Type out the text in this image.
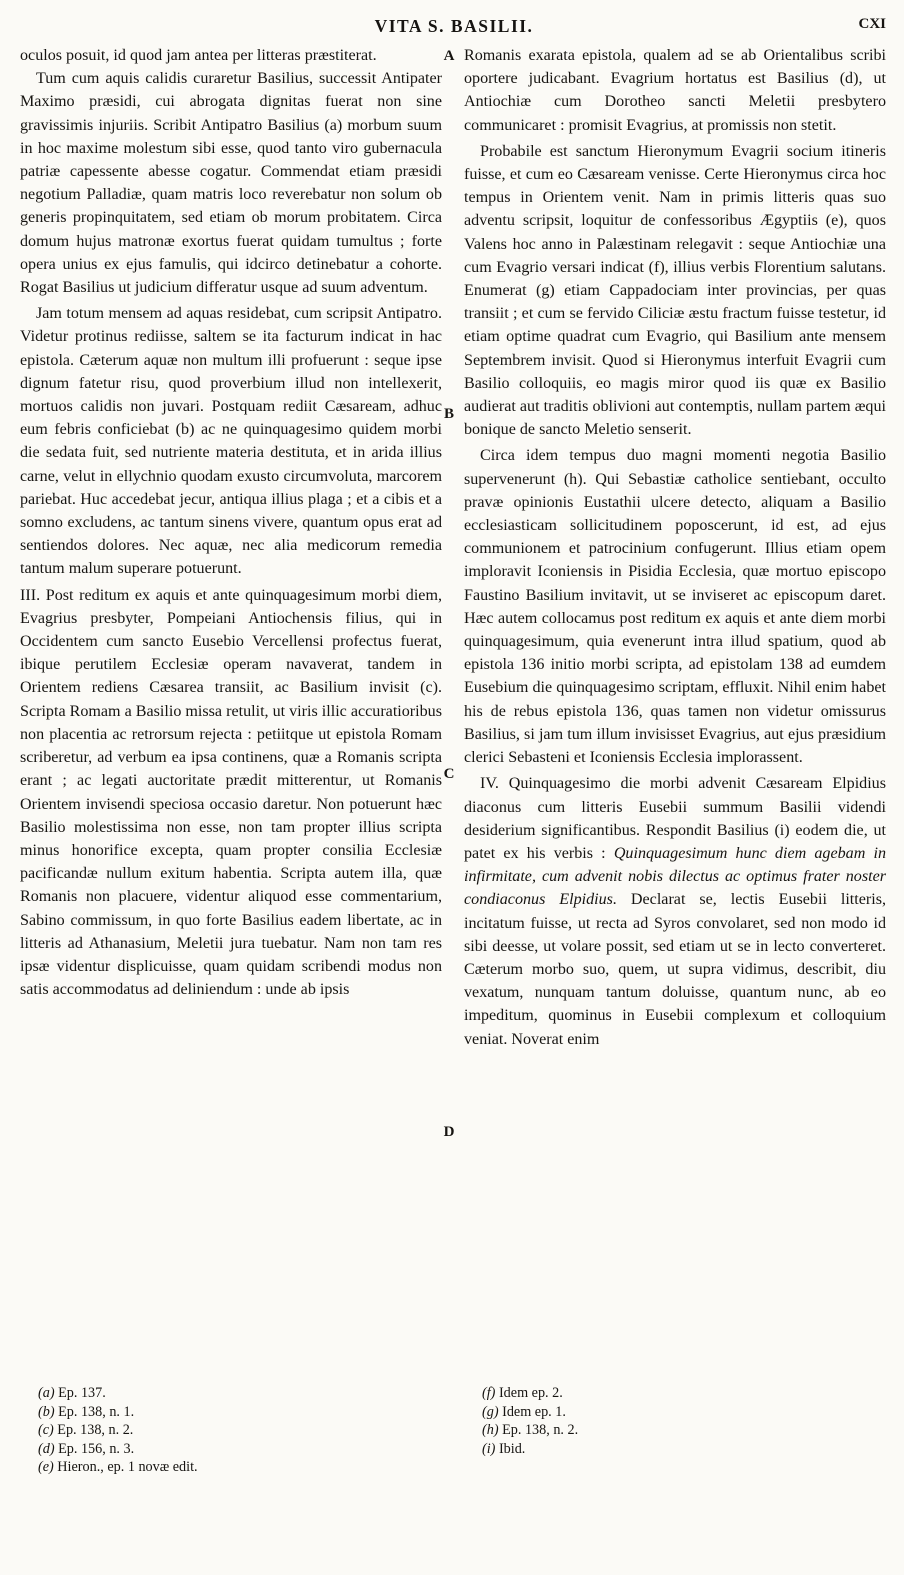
VITA S. BASILII.	CXI

oculos posuit, id quod jam antea per litteras præstiterat.

Tum cum aquis calidis curaretur Basilius, successit Antipater Maximo præsidi, cui abrogata dignitas fuerat non sine gravissimis injuriis. Scribit Antipatro Basilius (a) morbum suum in hoc maxime molestum sibi esse, quod tanto viro gubernacula patriæ capessente abesse cogatur. Commendat etiam præsidi negotium Palladiæ, quam matris loco reverebatur non solum ob generis propinquitatem, sed etiam ob morum probitatem. Circa domum hujus matronæ exortus fuerat quidam tumultus ; forte opera unius ex ejus famulis, qui idcirco detinebatur a cohorte. Rogat Basilius ut judicium differatur usque ad suum adventum.

Jam totum mensem ad aquas residebat, cum scripsit Antipatro. Videtur protinus rediisse, saltem se ita facturum indicat in hac epistola. Cæterum aquæ non multum illi profuerunt : seque ipse dignum fatetur risu, quod proverbium illud non intellexerit, mortuos calidis non juvari. Postquam rediit Cæsaream, adhuc eum febris conficiebat (b) ac ne quinquagesimo quidem morbi die sedata fuit, sed nutriente materia destituta, et in arida illius carne, velut in ellychnio quodam exusto circumvoluta, marcorem pariebat. Huc accedebat jecur, antiqua illius plaga ; et a cibis et a somno excludens, ac tantum sinens vivere, quantum opus erat ad sentiendos dolores. Nec aquæ, nec alia medicorum remedia tantum malum superare potuerunt.

III. Post reditum ex aquis et ante quinquagesimum morbi diem, Evagrius presbyter, Pompeiani Antiochensis filius, qui in Occidentem cum sancto Eusebio Vercellensi profectus fuerat, ibique perutilem Ecclesiæ operam navaverat, tandem in Orientem rediens Cæsarea transiit, ac Basilium invisit (c). Scripta Romam a Basilio missa retulit, ut viris illic accuratioribus non placentia ac retrorsum rejecta : petiitque ut epistola Romam scriberetur, ad verbum ea ipsa continens, quæ a Romanis scripta erant ; ac legati auctoritate prædit mitterentur, ut Romanis Orientem invisendi speciosa occasio daretur. Non potuerunt hæc Basilio molestissima non esse, non tam propter illius scripta minus honorifice excepta, quam propter consilia Ecclesiæ pacificandæ nullum exitum habentia. Scripta autem illa, quæ Romanis non placuere, videntur aliquod esse commentarium, Sabino commissum, in quo forte Basilius eadem libertate, ac in litteris ad Athanasium, Meletii jura tuebatur. Nam non tam res ipsæ videntur displicuisse, quam quidam scribendi modus non satis accommodatus ad deliniendum : unde ab ipsis

A
B
C
D

Romanis exarata epistola, qualem ad se ab Orientalibus scribi oportere judicabant. Evagrium hortatus est Basilius (d), ut Antiochiæ cum Dorotheo sancti Meletii presbytero communicaret : promisit Evagrius, at promissis non stetit.

Probabile est sanctum Hieronymum Evagrii socium itineris fuisse, et cum eo Cæsaream venisse. Certe Hieronymus circa hoc tempus in Orientem venit. Nam in primis litteris quas suo adventu scripsit, loquitur de confessoribus Ægyptiis (e), quos Valens hoc anno in Palæstinam relegavit : seque Antiochiæ una cum Evagrio versari indicat (f), illius verbis Florentium salutans. Enumerat (g) etiam Cappadociam inter provincias, per quas transiit ; et cum se fervido Ciliciæ æstu fractum fuisse testetur, id etiam optime quadrat cum Evagrio, qui Basilium ante mensem Septembrem invisit. Quod si Hieronymus interfuit Evagrii cum Basilio colloquiis, eo magis miror quod iis quæ ex Basilio audierat aut traditis oblivioni aut contemptis, nullam partem æqui bonique de sancto Meletio senserit.

Circa idem tempus duo magni momenti negotia Basilio supervenerunt (h). Qui Sebastiæ catholice sentiebant, occulto pravæ opinionis Eustathii ulcere detecto, aliquam a Basilio ecclesiasticam sollicitudinem poposcerunt, id est, ad ejus communionem et patrocinium confugerunt. Illius etiam opem imploravit Iconiensis in Pisidia Ecclesia, quæ mortuo episcopo Faustino Basilium invitavit, ut se inviseret ac episcopum daret. Hæc autem collocamus post reditum ex aquis et ante diem morbi quinquagesimum, quia evenerunt intra illud spatium, quod ab epistola 136 initio morbi scripta, ad epistolam 138 ad eumdem Eusebium die quinquagesimo scriptam, effluxit. Nihil enim habet his de rebus epistola 136, quas tamen non videtur omissurus Basilius, si jam tum illum invisisset Evagrius, aut ejus præsidium clerici Sebasteni et Iconiensis Ecclesia implorassent.

IV. Quinquagesimo die morbi advenit Cæsaream Elpidius diaconus cum litteris Eusebii summum Basilii videndi desiderium significantibus. Respondit Basilius (i) eodem die, ut patet ex his verbis : Quinquagesimum hunc diem agebam in infirmitate, cum advenit nobis dilectus ac optimus frater noster condiaconus Elpidius. Declarat se, lectis Eusebii litteris, incitatum fuisse, ut recta ad Syros convolaret, sed non modo id sibi deesse, ut volare possit, sed etiam ut se in lecto converteret. Cæterum morbo suo, quem, ut supra vidimus, describit, diu vexatum, nunquam tantum doluisse, quantum nunc, ab eo impeditum, quominus in Eusebii complexum et colloquium veniat. Noverat enim

(a) Ep. 137.
(b) Ep. 138, n. 1.
(c) Ep. 138, n. 2.
(d) Ep. 156, n. 3.
(e) Hieron., ep. 1 novæ edit.
(f) Idem ep. 2.
(g) Idem ep. 1.
(h) Ep. 138, n. 2.
(i) Ibid.
